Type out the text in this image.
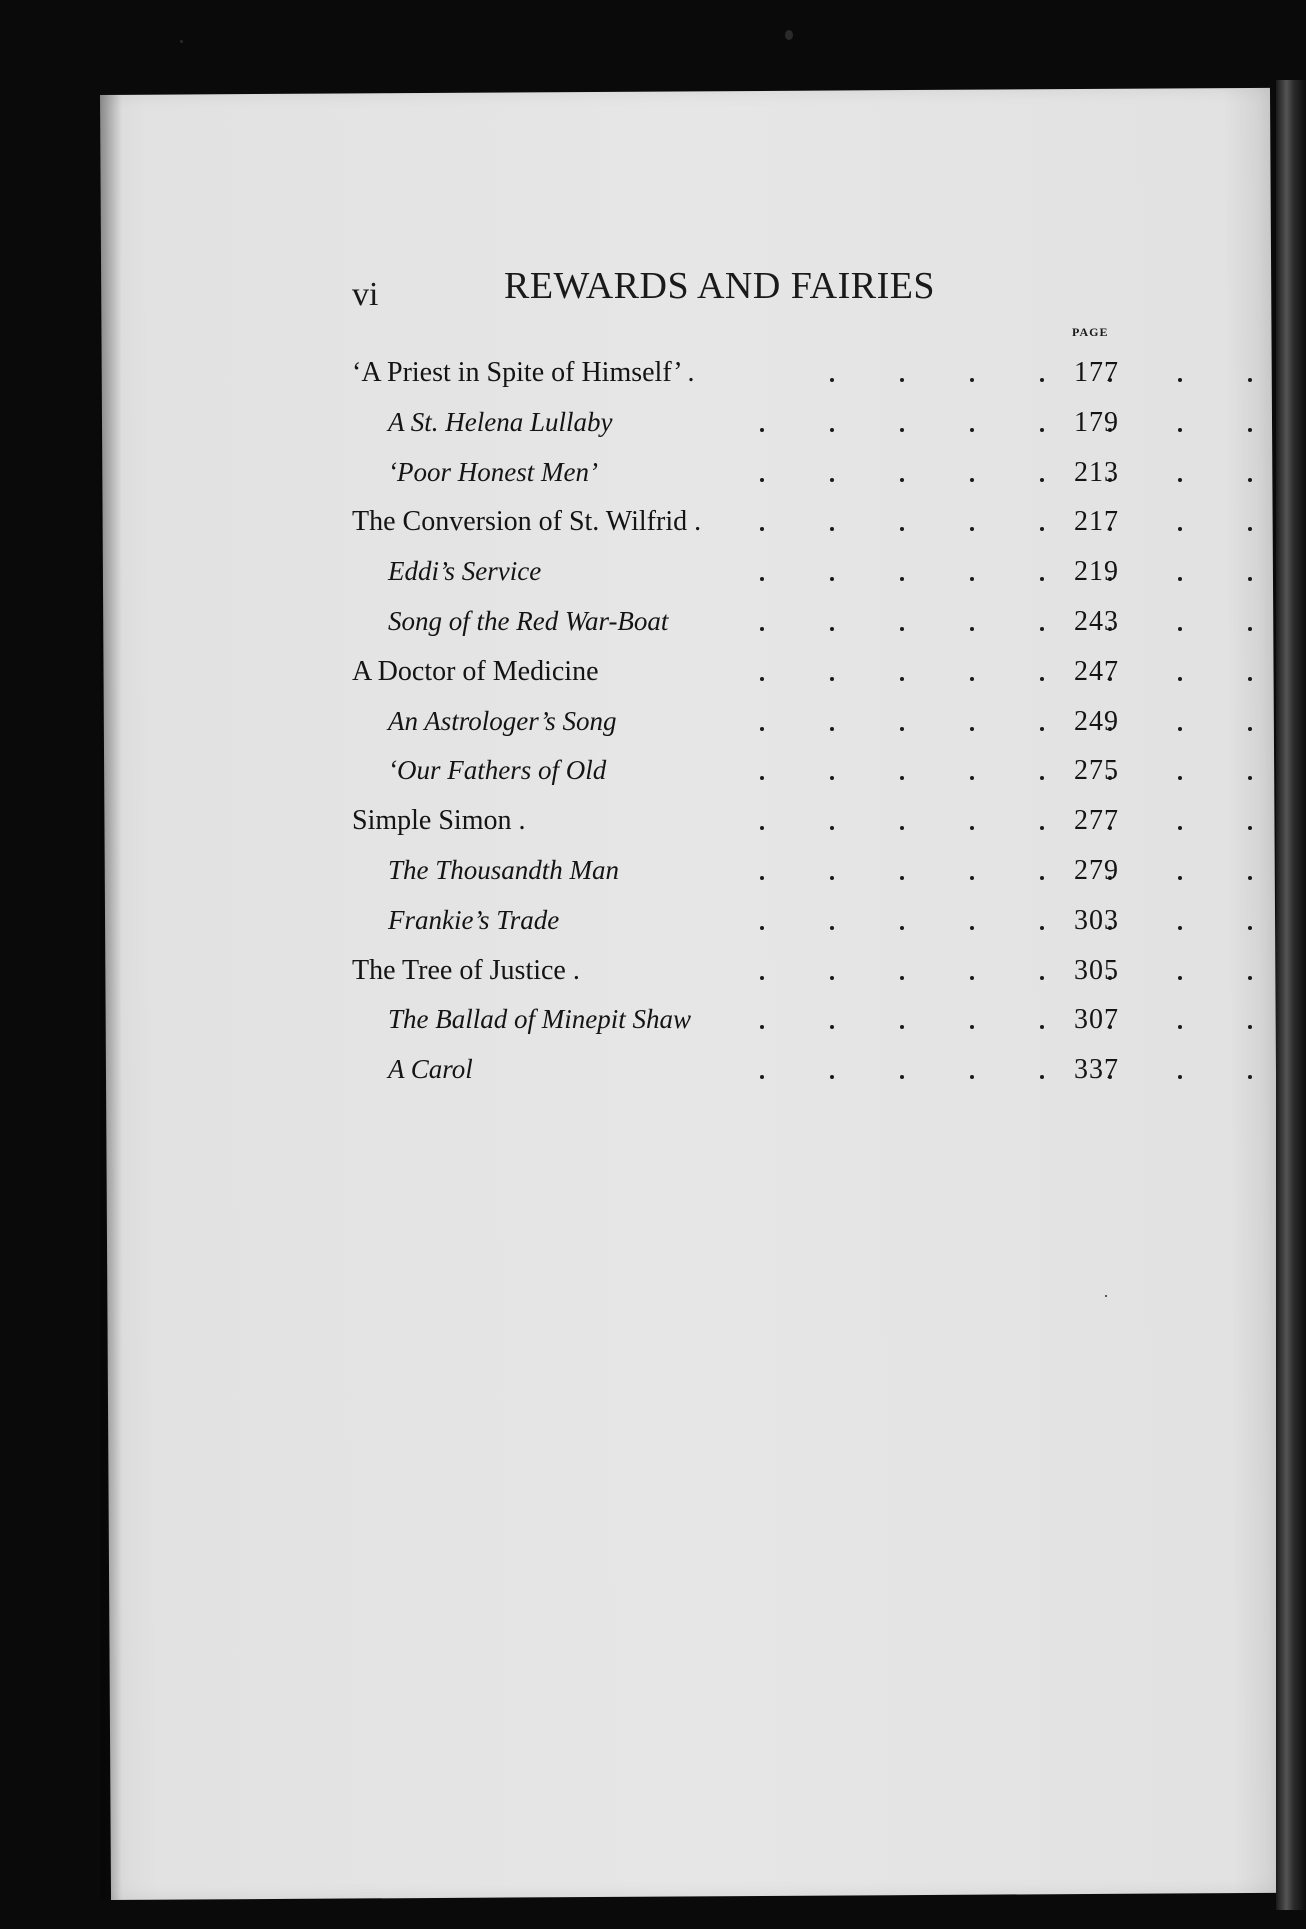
vi	REWARDS AND FAIRIES
PAGE
‘A Priest in Spite of Himself’ .	177
A St. Helena Lullaby	179
‘Poor Honest Men’	213
The Conversion of St. Wilfrid .	217
Eddi’s Service	219
Song of the Red War-Boat	243
A Doctor of Medicine	247
An Astrologer’s Song	249
‘Our Fathers of Old	275
Simple Simon .	277
The Thousandth Man	279
Frankie’s Trade	303
The Tree of Justice .	305
The Ballad of Minepit Shaw	307
A Carol	337
